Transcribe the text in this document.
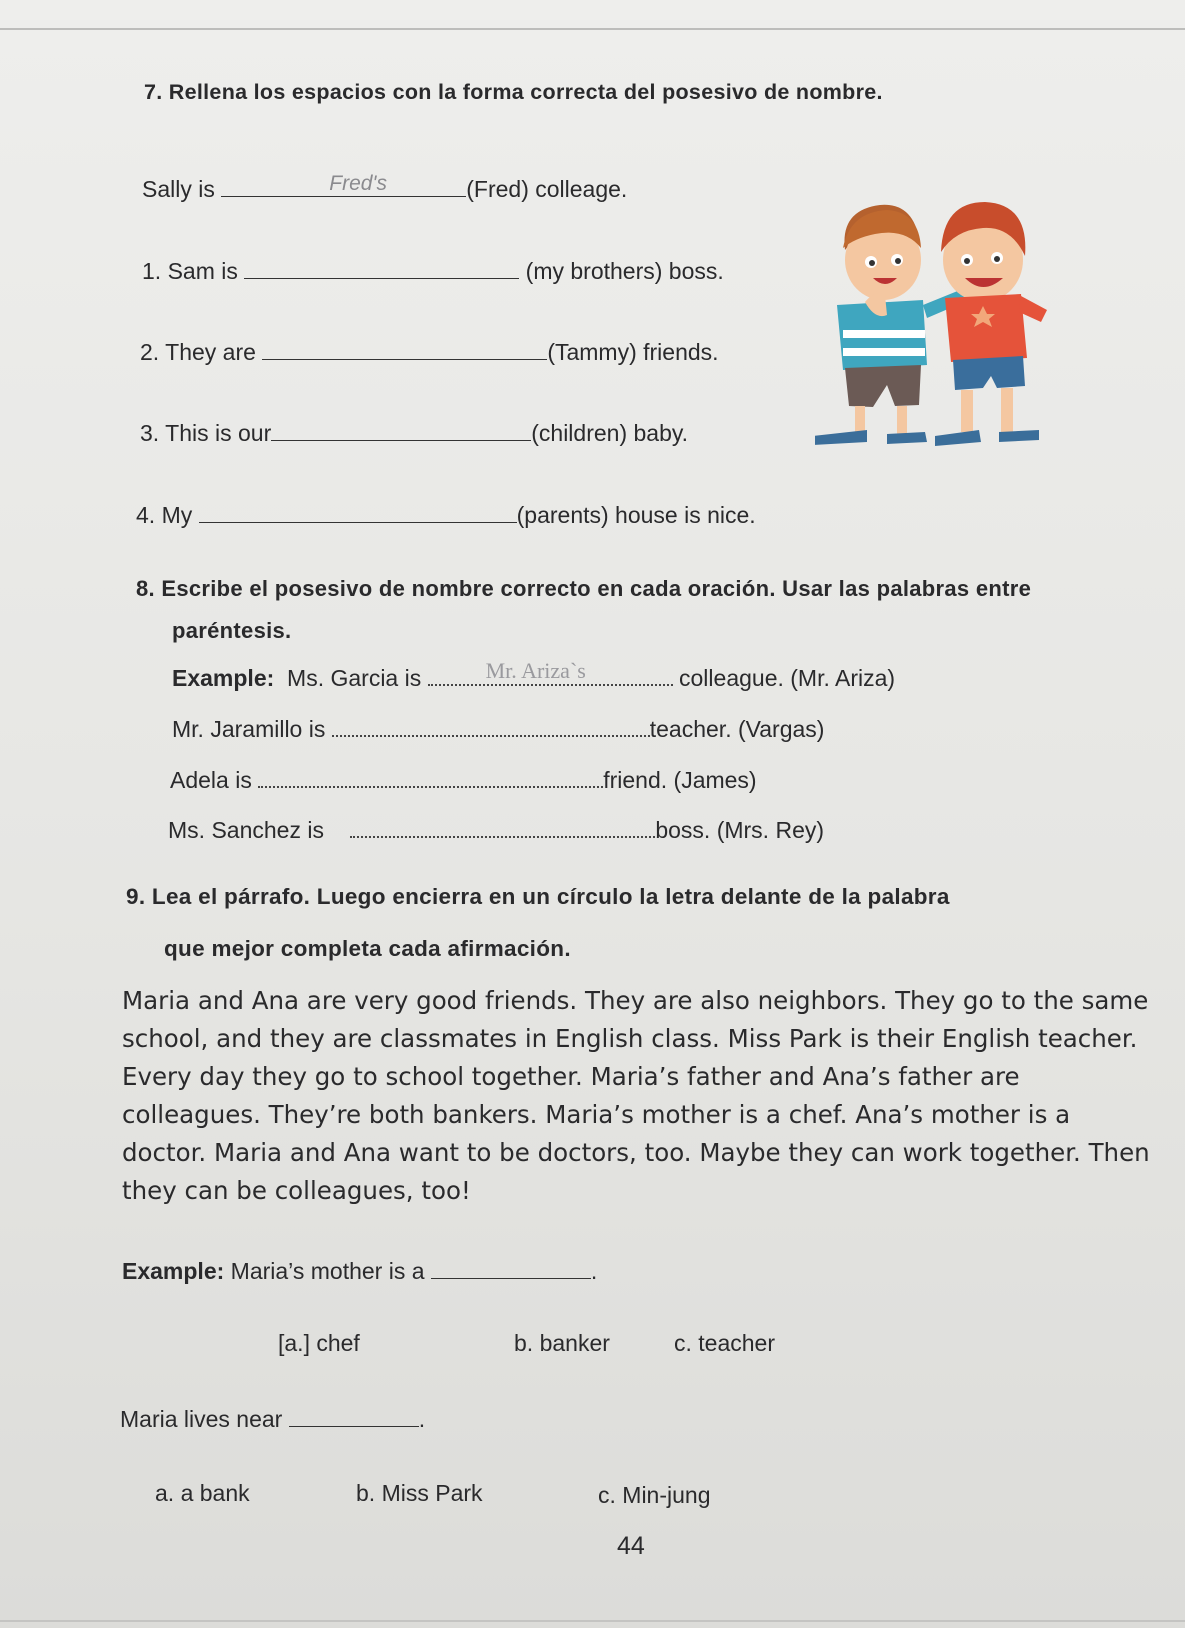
7. Rellena los espacios con la forma correcta del posesivo de nombre.
Sally is	Fred's	(Fred) colleage.
1. Sam is	(my brothers) boss.
2. They are	(Tammy) friends.
3. This is our	(children) baby.
4. My	(parents) house is nice.
8. Escribe el posesivo de nombre correcto en cada oración. Usar las palabras entre
paréntesis.
Example: Ms. Garcia is	Mr. Ariza`s	colleague. (Mr. Ariza)
Mr. Jaramillo is	teacher. (Vargas)
Adela is	friend. (James)
Ms. Sanchez is	boss. (Mrs. Rey)
9. Lea el párrafo. Luego encierra en un círculo la letra delante de la palabra
que mejor completa cada afirmación.
Maria and Ana are very good friends. They are also neighbors. They go to the same
school, and they are classmates in English class. Miss Park is their English teacher.
Every day they go to school together. Maria’s father and Ana’s father are
colleagues. They’re both bankers. Maria’s mother is a chef. Ana’s mother is a
doctor. Maria and Ana want to be doctors, too. Maybe they can work together. Then
they can be colleagues, too!
Example: Maria’s mother is a	.
[a.] chef	b. banker	c. teacher
Maria lives near	.
a. a bank	b. Miss Park	c. Min-jung
44
